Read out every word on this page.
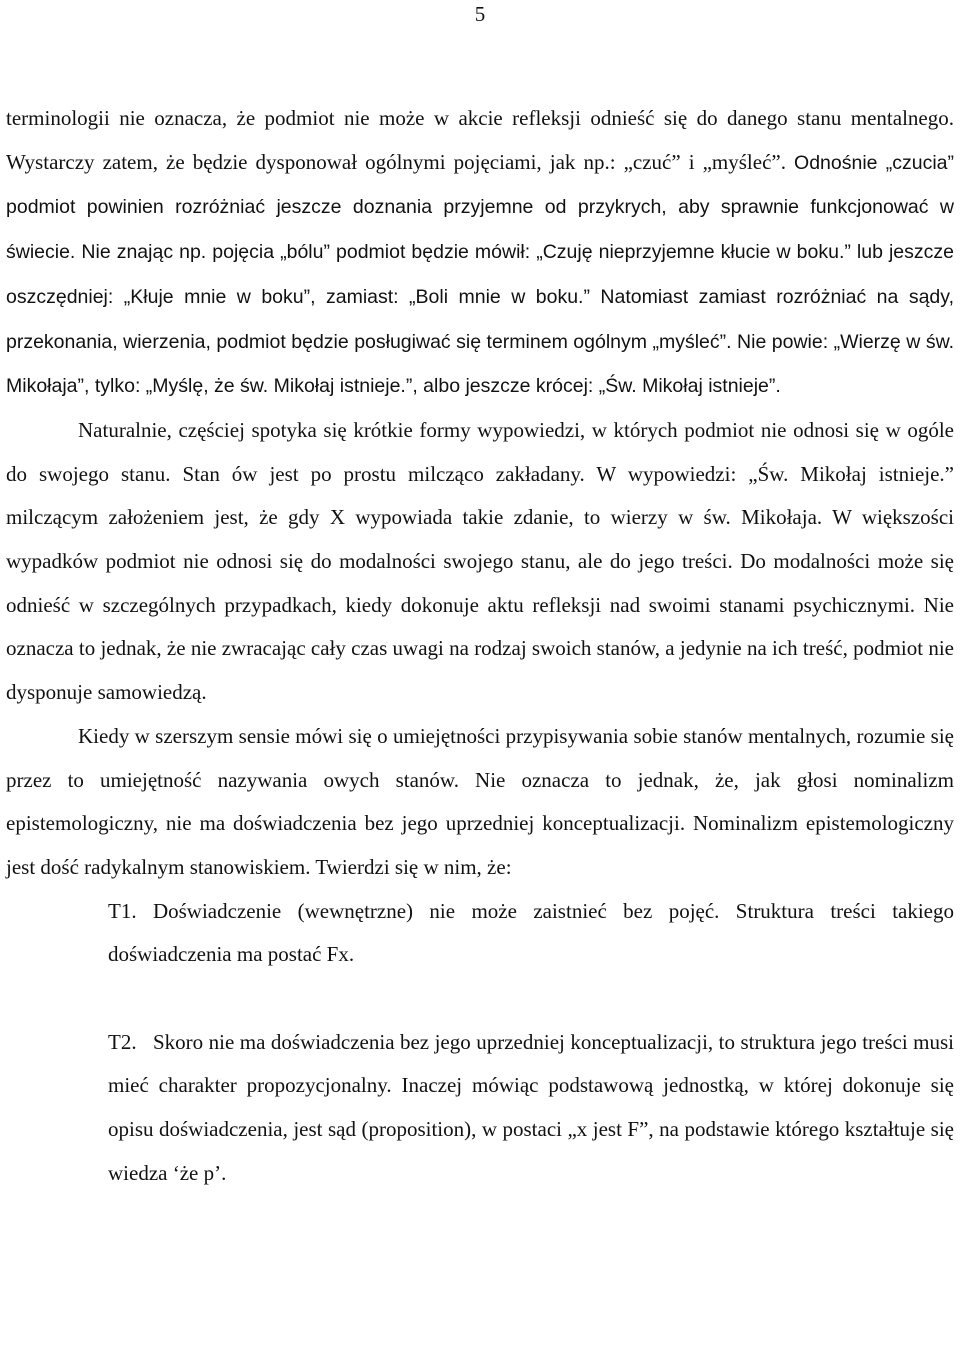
5

terminologii nie oznacza, że podmiot nie może w akcie refleksji odnieść się do danego stanu mentalnego. Wystarczy zatem, że będzie dysponował ogólnymi pojęciami, jak np.: „czuć” i „myśleć”. Odnośnie „czucia” podmiot powinien rozróżniać jeszcze doznania przyjemne od przykrych, aby sprawnie funkcjonować w świecie. Nie znając np. pojęcia „bólu” podmiot będzie mówił: „Czuję nieprzyjemne kłucie w boku.” lub jeszcze oszczędniej: „Kłuje mnie w boku”, zamiast: „Boli mnie w boku.” Natomiast zamiast rozróżniać na sądy, przekonania, wierzenia, podmiot będzie posługiwać się terminem ogólnym „myśleć”. Nie powie: „Wierzę w św. Mikołaja”, tylko: „Myślę, że św. Mikołaj istnieje.”, albo jeszcze krócej: „Św. Mikołaj istnieje”.

Naturalnie, częściej spotyka się krótkie formy wypowiedzi, w których podmiot nie odnosi się w ogóle do swojego stanu. Stan ów jest po prostu milcząco zakładany. W wypowiedzi: „Św. Mikołaj istnieje.” milczącym założeniem jest, że gdy X wypowiada takie zdanie, to wierzy w św. Mikołaja. W większości wypadków podmiot nie odnosi się do modalności swojego stanu, ale do jego treści. Do modalności może się odnieść w szczególnych przypadkach, kiedy dokonuje aktu refleksji nad swoimi stanami psychicznymi. Nie oznacza to jednak, że nie zwracając cały czas uwagi na rodzaj swoich stanów, a jedynie na ich treść, podmiot nie dysponuje samowiedzą.

Kiedy w szerszym sensie mówi się o umiejętności przypisywania sobie stanów mentalnych, rozumie się przez to umiejętność nazywania owych stanów. Nie oznacza to jednak, że, jak głosi nominalizm epistemologiczny, nie ma doświadczenia bez jego uprzedniej konceptualizacji. Nominalizm epistemologiczny jest dość radykalnym stanowiskiem. Twierdzi się w nim, że:

T1. Doświadczenie (wewnętrzne) nie może zaistnieć bez pojęć. Struktura treści takiego doświadczenia ma postać Fx.

T2. Skoro nie ma doświadczenia bez jego uprzedniej konceptualizacji, to struktura jego treści musi mieć charakter propozycjonalny. Inaczej mówiąc podstawową jednostką, w której dokonuje się opisu doświadczenia, jest sąd (proposition), w postaci „x jest F”, na podstawie którego kształtuje się wiedza ‘że p’.
